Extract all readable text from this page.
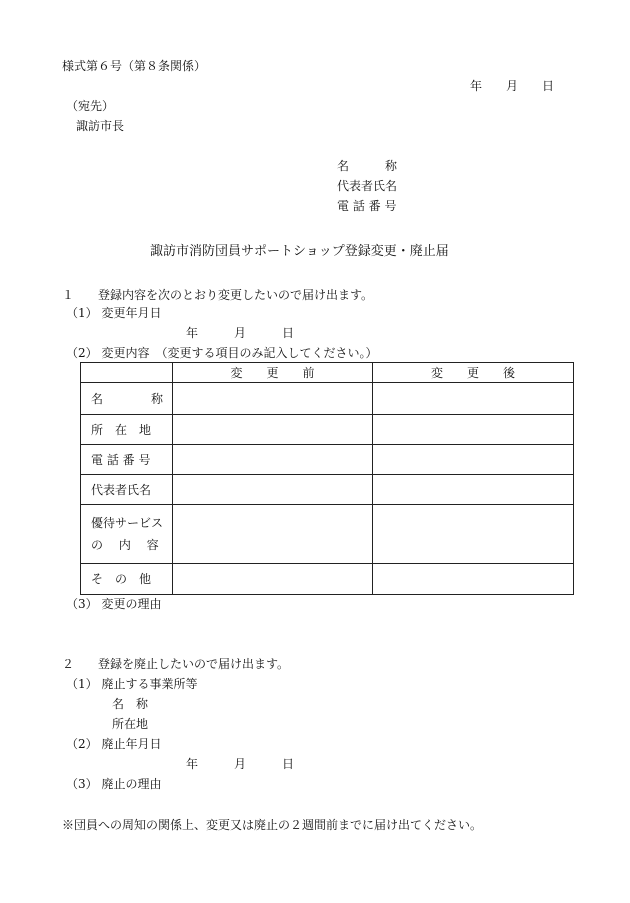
様式第６号（第８条関係）
年　　月　　日
（宛先）
諏訪市長
名　　　称
代表者氏名
電 話 番 号
諏訪市消防団員サポートショップ登録変更・廃止届
１　　登録内容を次のとおり変更したいので届け出ます。
（1） 変更年月日
年　　　月　　　日
（2） 変更内容　（変更する項目のみ記入してください。）
	変　　更　　前	変　　更　　後
名　　　　称		
所　在　地		
電 話 番 号		
代表者氏名		
優待サービス
の　 内　 容		
そ　の　他		
（3） 変更の理由
２　　登録を廃止したいので届け出ます。
（1） 廃止する事業所等
名　称
所在地
（2） 廃止年月日
年　　　月　　　日
（3） 廃止の理由
※団員への周知の関係上、変更又は廃止の２週間前までに届け出てください。
